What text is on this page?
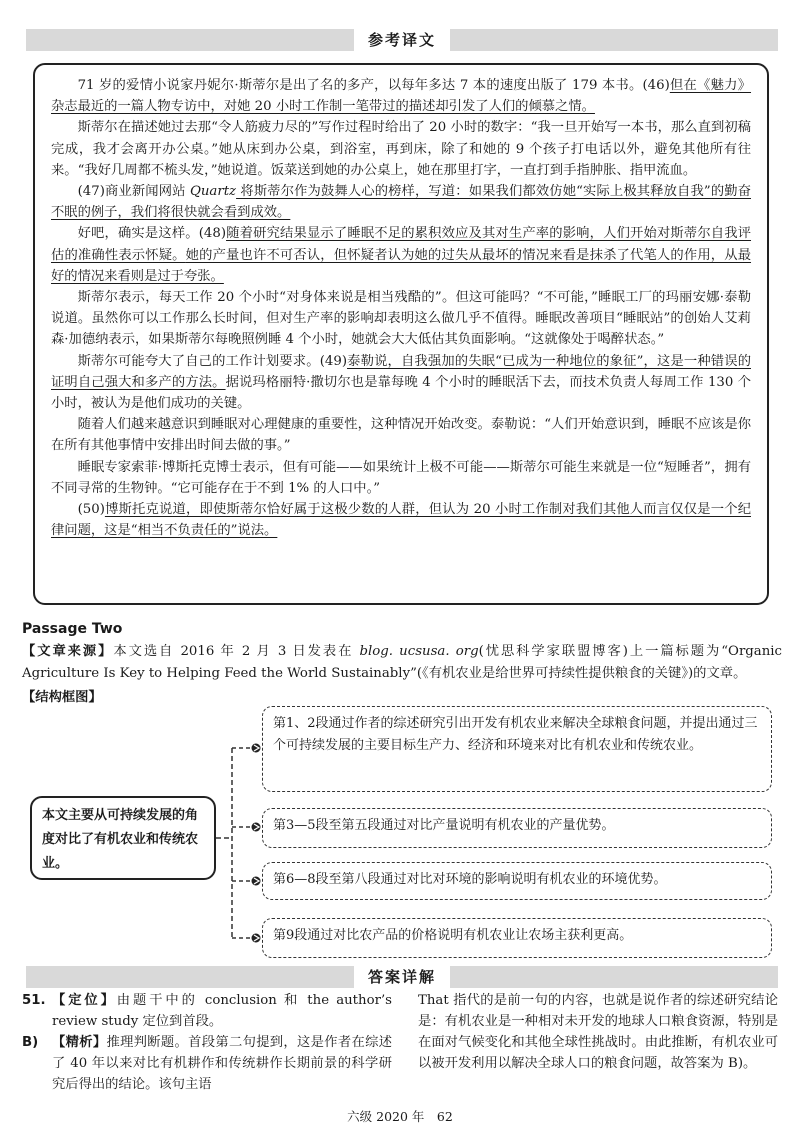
参考译文

71 岁的爱情小说家丹妮尔·斯蒂尔是出了名的多产，以每年多达 7 本的速度出版了 179 本书。(46)但在《魅力》杂志最近的一篇人物专访中，对她 20 小时工作制一笔带过的描述却引发了人们的倾慕之情。

斯蒂尔在描述她过去那“令人筋疲力尽的”写作过程时给出了 20 小时的数字：“我一旦开始写一本书，那么直到初稿完成，我才会离开办公桌。”她从床到办公桌，到浴室，再到床，除了和她的 9 个孩子打电话以外，避免其他所有往来。“我好几周都不梳头发，”她说道。饭菜送到她的办公桌上，她在那里打字，一直打到手指肿胀、指甲流血。

(47)商业新闻网站 Quartz 将斯蒂尔作为鼓舞人心的榜样，写道：如果我们都效仿她“实际上极其释放自我”的勤奋不眠的例子，我们将很快就会看到成效。

好吧，确实是这样。(48)随着研究结果显示了睡眠不足的累积效应及其对生产率的影响，人们开始对斯蒂尔自我评估的准确性表示怀疑。她的产量也许不可否认，但怀疑者认为她的过失从最坏的情况来看是抹杀了代笔人的作用，从最好的情况来看则是过于夸张。

斯蒂尔表示，每天工作 20 个小时“对身体来说是相当残酷的”。但这可能吗？“不可能，”睡眠工厂的玛丽安娜·泰勒说道。虽然你可以工作那么长时间，但对生产率的影响却表明这么做几乎不值得。睡眠改善项目“睡眠站”的创始人艾莉森·加德纳表示，如果斯蒂尔每晚照例睡 4 个小时，她就会大大低估其负面影响。“这就像处于喝醉状态。”

斯蒂尔可能夸大了自己的工作计划要求。(49)泰勒说，自我强加的失眠“已成为一种地位的象征”，这是一种错误的证明自己强大和多产的方法。据说玛格丽特·撒切尔也是靠每晚 4 个小时的睡眠活下去，而技术负责人每周工作 130 个小时，被认为是他们成功的关键。

随着人们越来越意识到睡眠对心理健康的重要性，这种情况开始改变。泰勒说：“人们开始意识到，睡眠不应该是你在所有其他事情中安排出时间去做的事。”

睡眠专家索菲·博斯托克博士表示，但有可能——如果统计上极不可能——斯蒂尔可能生来就是一位“短睡者”，拥有不同寻常的生物钟。“它可能存在于不到 1% 的人口中。”

(50)博斯托克说道，即使斯蒂尔恰好属于这极少数的人群，但认为 20 小时工作制对我们其他人而言仅仅是一个纪律问题，这是“相当不负责任的”说法。

Passage Two
【文章来源】本文选自 2016 年 2 月 3 日发表在 blog. ucsusa. org(忧思科学家联盟博客)上一篇标题为“Organic Agriculture Is Key to Helping Feed the World Sustainably”(《有机农业是给世界可持续性提供粮食的关键》)的文章。
【结构框图】
本文主要从可持续发展的角度对比了有机农业和传统农业。
第1、2段通过作者的综述研究引出开发有机农业来解决全球粮食问题，并提出通过三个可持续发展的主要目标生产力、经济和环境来对比有机农业和传统农业。
第3—5段至第五段通过对比产量说明有机农业的产量优势。
第6—8段至第八段通过对比对环境的影响说明有机农业的环境优势。
第9段通过对比农产品的价格说明有机农业让农场主获利更高。
答案详解
51. 【定位】由题干中的 conclusion 和 the author’s review study 定位到首段。
B)	【精析】推理判断题。首段第二句提到，这是作者在综述了 40 年以来对比有机耕作和传统耕作长期前景的科学研究后得出的结论。该句主语
That 指代的是前一句的内容，也就是说作者的综述研究结论是：有机农业是一种相对未开发的地球人口粮食资源，特别是在面对气候变化和其他全球性挑战时。由此推断，有机农业可以被开发利用以解决全球人口的粮食问题，故答案为 B)。
六级 2020 年　62
